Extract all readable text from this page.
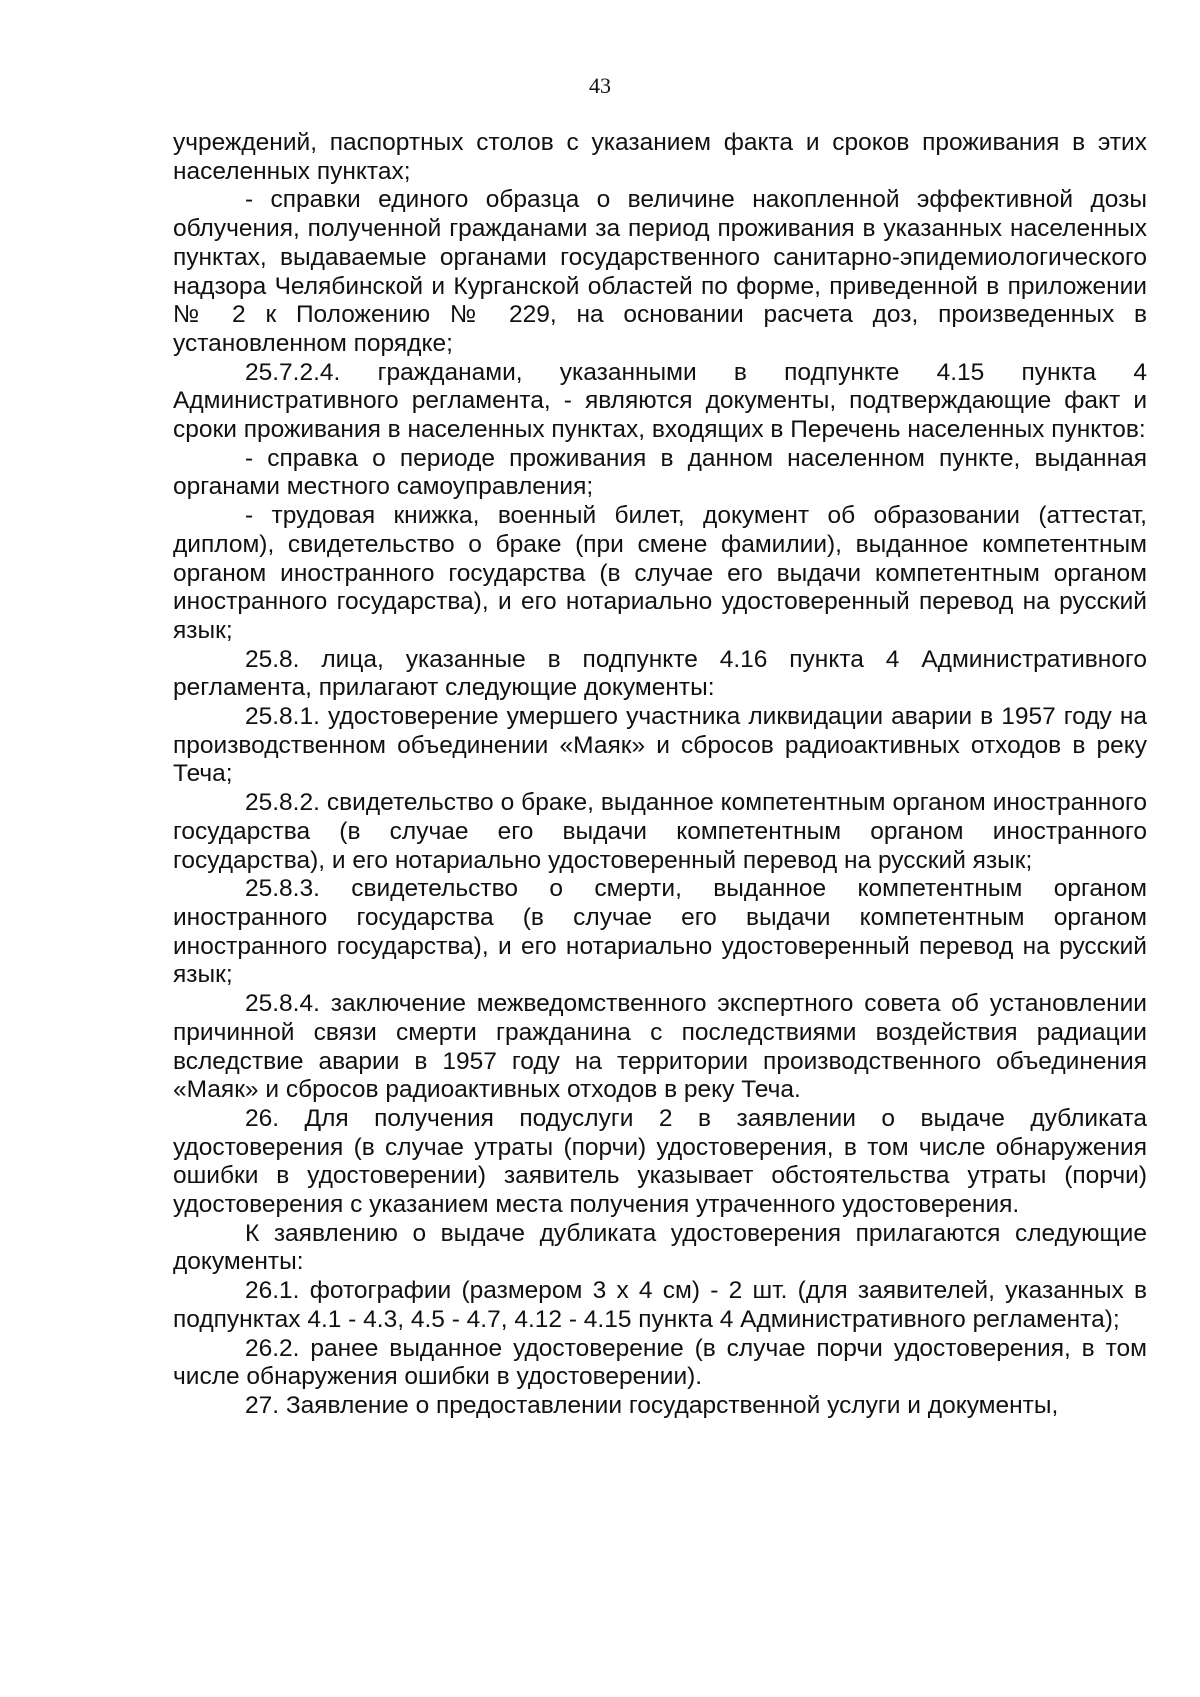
43

учреждений, паспортных столов с указанием факта и сроков проживания в этих населенных пунктах;

- справки единого образца о величине накопленной эффективной дозы облучения, полученной гражданами за период проживания в указанных населенных пунктах, выдаваемые органами государственного санитарно-эпидемиологического надзора Челябинской и Курганской областей по форме, приведенной в приложении № 2 к Положению № 229, на основании расчета доз, произведенных в установленном порядке;

25.7.2.4. гражданами, указанными в подпункте 4.15 пункта 4 Административного регламента, - являются документы, подтверждающие факт и сроки проживания в населенных пунктах, входящих в Перечень населенных пунктов:

- справка о периоде проживания в данном населенном пункте, выданная органами местного самоуправления;

- трудовая книжка, военный билет, документ об образовании (аттестат, диплом), свидетельство о браке (при смене фамилии), выданное компетентным органом иностранного государства (в случае его выдачи компетентным органом иностранного государства), и его нотариально удостоверенный перевод на русский язык;

25.8. лица, указанные в подпункте 4.16 пункта 4 Административного регламента, прилагают следующие документы:

25.8.1. удостоверение умершего участника ликвидации аварии в 1957 году на производственном объединении «Маяк» и сбросов радиоактивных отходов в реку Теча;

25.8.2. свидетельство о браке, выданное компетентным органом иностранного государства (в случае его выдачи компетентным органом иностранного государства), и его нотариально удостоверенный перевод на русский язык;

25.8.3. свидетельство о смерти, выданное компетентным органом иностранного государства (в случае его выдачи компетентным органом иностранного государства), и его нотариально удостоверенный перевод на русский язык;

25.8.4. заключение межведомственного экспертного совета об установлении причинной связи смерти гражданина с последствиями воздействия радиации вследствие аварии в 1957 году на территории производственного объединения «Маяк» и сбросов радиоактивных отходов в реку Теча.

26. Для получения подуслуги 2 в заявлении о выдаче дубликата удостоверения (в случае утраты (порчи) удостоверения, в том числе обнаружения ошибки в удостоверении) заявитель указывает обстоятельства утраты (порчи) удостоверения с указанием места получения утраченного удостоверения.

К заявлению о выдаче дубликата удостоверения прилагаются следующие документы:

26.1. фотографии (размером 3 х 4 см) - 2 шт. (для заявителей, указанных в подпунктах 4.1 - 4.3, 4.5 - 4.7, 4.12 - 4.15 пункта 4 Административного регламента);

26.2. ранее выданное удостоверение (в случае порчи удостоверения, в том числе обнаружения ошибки в удостоверении).

27. Заявление о предоставлении государственной услуги и документы,
